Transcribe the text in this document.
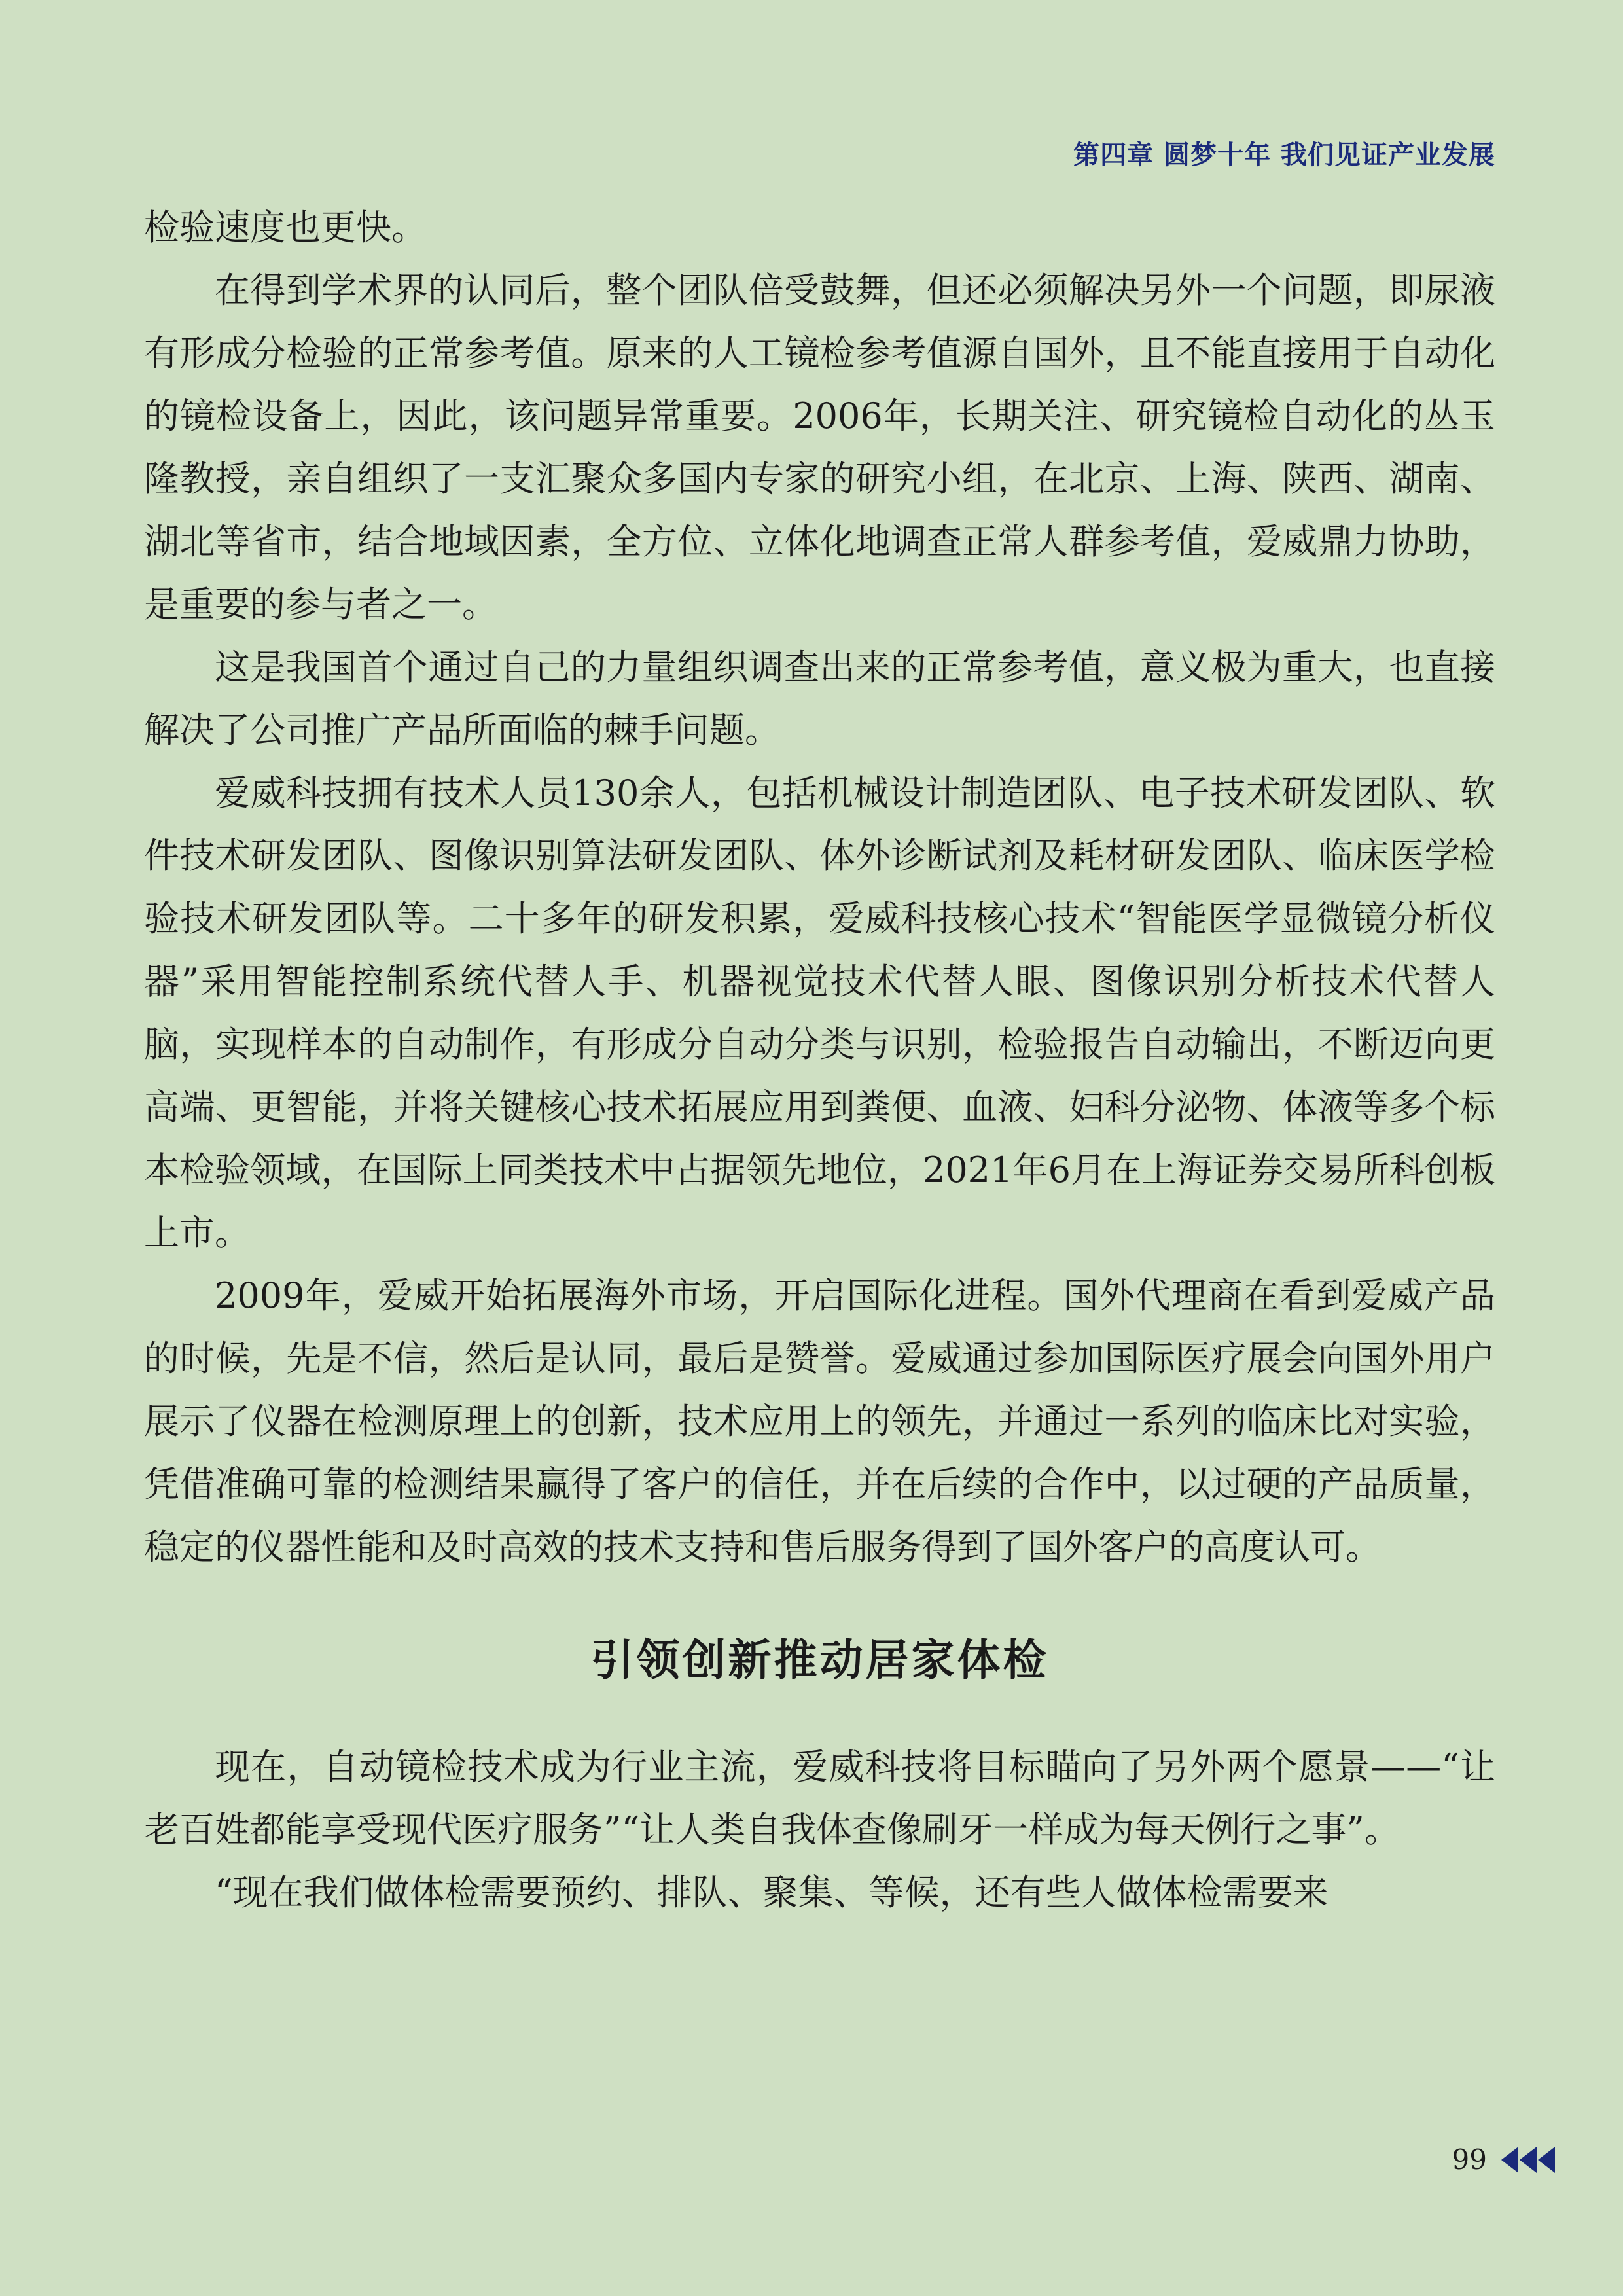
第四章 圆梦十年 我们见证产业发展

检验速度也更快。

在得到学术界的认同后，整个团队倍受鼓舞，但还必须解决另外一个问题，即尿液有形成分检验的正常参考值。原来的人工镜检参考值源自国外，且不能直接用于自动化的镜检设备上，因此，该问题异常重要。2006年，长期关注、研究镜检自动化的丛玉隆教授，亲自组织了一支汇聚众多国内专家的研究小组，在北京、上海、陕西、湖南、湖北等省市，结合地域因素，全方位、立体化地调查正常人群参考值，爱威鼎力协助，是重要的参与者之一。

这是我国首个通过自己的力量组织调查出来的正常参考值，意义极为重大，也直接解决了公司推广产品所面临的棘手问题。

爱威科技拥有技术人员130余人，包括机械设计制造团队、电子技术研发团队、软件技术研发团队、图像识别算法研发团队、体外诊断试剂及耗材研发团队、临床医学检验技术研发团队等。二十多年的研发积累，爱威科技核心技术“智能医学显微镜分析仪器”采用智能控制系统代替人手、机器视觉技术代替人眼、图像识别分析技术代替人脑，实现样本的自动制作，有形成分自动分类与识别，检验报告自动输出，不断迈向更高端、更智能，并将关键核心技术拓展应用到粪便、血液、妇科分泌物、体液等多个标本检验领域，在国际上同类技术中占据领先地位，2021年6月在上海证券交易所科创板上市。

2009年，爱威开始拓展海外市场，开启国际化进程。国外代理商在看到爱威产品的时候，先是不信，然后是认同，最后是赞誉。爱威通过参加国际医疗展会向国外用户展示了仪器在检测原理上的创新，技术应用上的领先，并通过一系列的临床比对实验，凭借准确可靠的检测结果赢得了客户的信任，并在后续的合作中，以过硬的产品质量，稳定的仪器性能和及时高效的技术支持和售后服务得到了国外客户的高度认可。

引领创新推动居家体检

现在，自动镜检技术成为行业主流，爱威科技将目标瞄向了另外两个愿景——“让老百姓都能享受现代医疗服务”“让人类自我体查像刷牙一样成为每天例行之事”。

“现在我们做体检需要预约、排队、聚集、等候，还有些人做体检需要来

99
